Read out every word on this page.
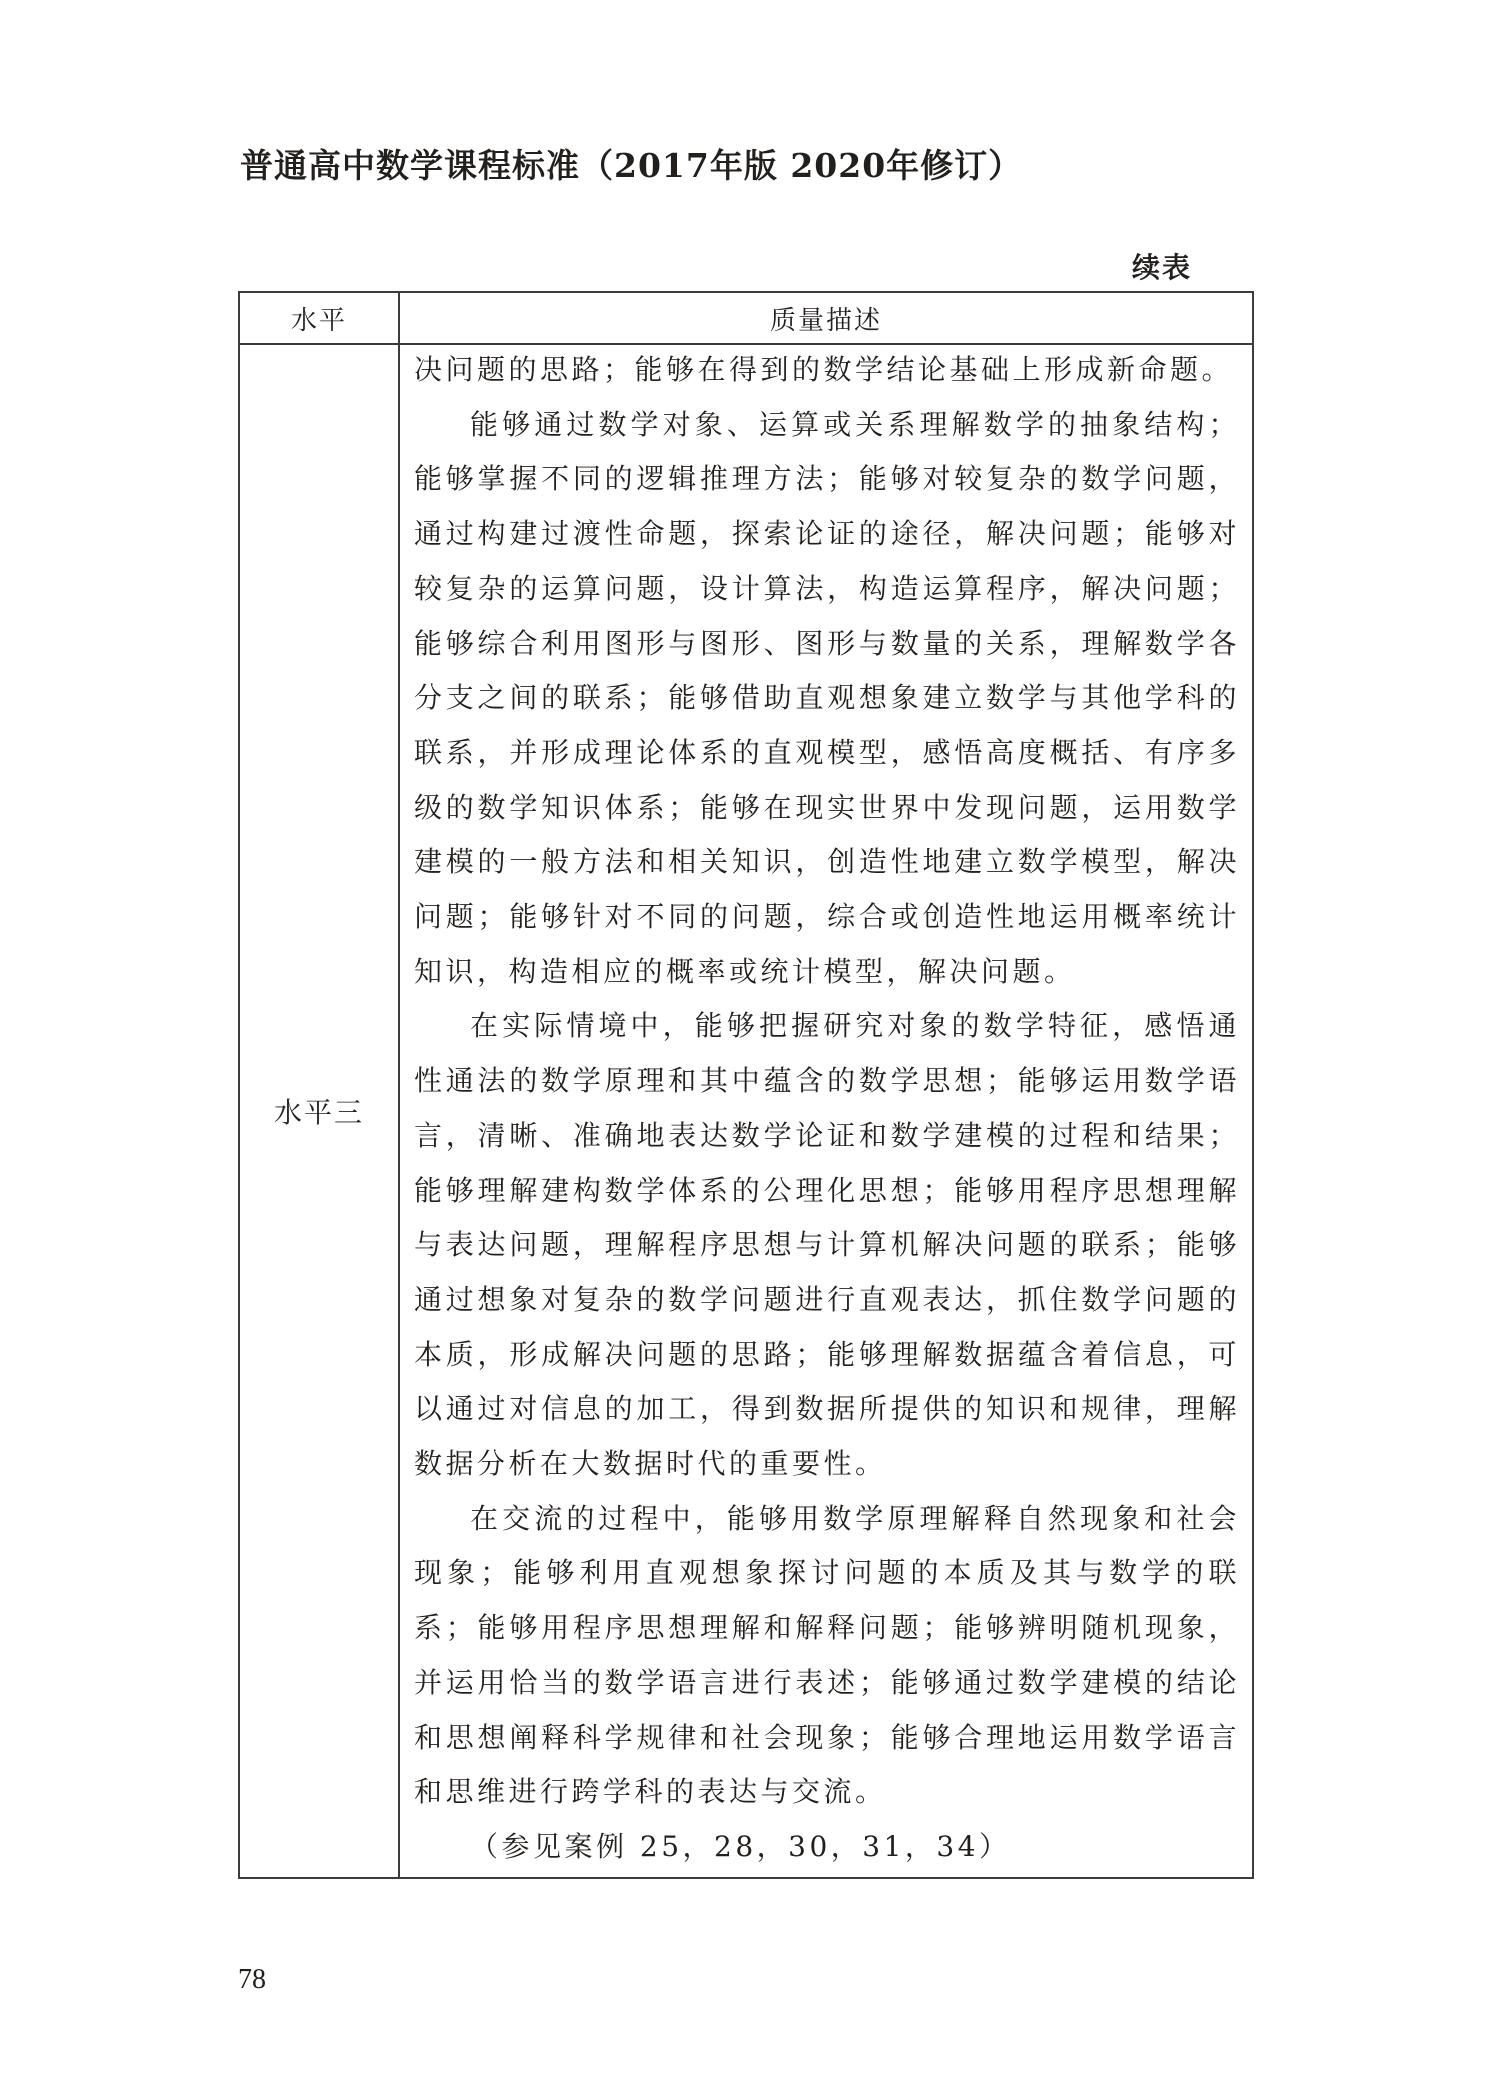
普通高中数学课程标准（2017年版 2020年修订）
续表
水平	质量描述
水平三	决问题的思路；能够在得到的数学结论基础上形成新命题。

能够通过数学对象、运算或关系理解数学的抽象结构；能够掌握不同的逻辑推理方法；能够对较复杂的数学问题，通过构建过渡性命题，探索论证的途径，解决问题；能够对较复杂的运算问题，设计算法，构造运算程序，解决问题；能够综合利用图形与图形、图形与数量的关系，理解数学各分支之间的联系；能够借助直观想象建立数学与其他学科的联系，并形成理论体系的直观模型，感悟高度概括、有序多级的数学知识体系；能够在现实世界中发现问题，运用数学建模的一般方法和相关知识，创造性地建立数学模型，解决问题；能够针对不同的问题，综合或创造性地运用概率统计知识，构造相应的概率或统计模型，解决问题。

在实际情境中，能够把握研究对象的数学特征，感悟通性通法的数学原理和其中蕴含的数学思想；能够运用数学语言，清晰、准确地表达数学论证和数学建模的过程和结果；能够理解建构数学体系的公理化思想；能够用程序思想理解与表达问题，理解程序思想与计算机解决问题的联系；能够通过想象对复杂的数学问题进行直观表达，抓住数学问题的本质，形成解决问题的思路；能够理解数据蕴含着信息，可以通过对信息的加工，得到数据所提供的知识和规律，理解数据分析在大数据时代的重要性。

在交流的过程中，能够用数学原理解释自然现象和社会现象；能够利用直观想象探讨问题的本质及其与数学的联系；能够用程序思想理解和解释问题；能够辨明随机现象，并运用恰当的数学语言进行表述；能够通过数学建模的结论和思想阐释科学规律和社会现象；能够合理地运用数学语言和思维进行跨学科的表达与交流。

（参见案例 25，28，30，31，34）

78
